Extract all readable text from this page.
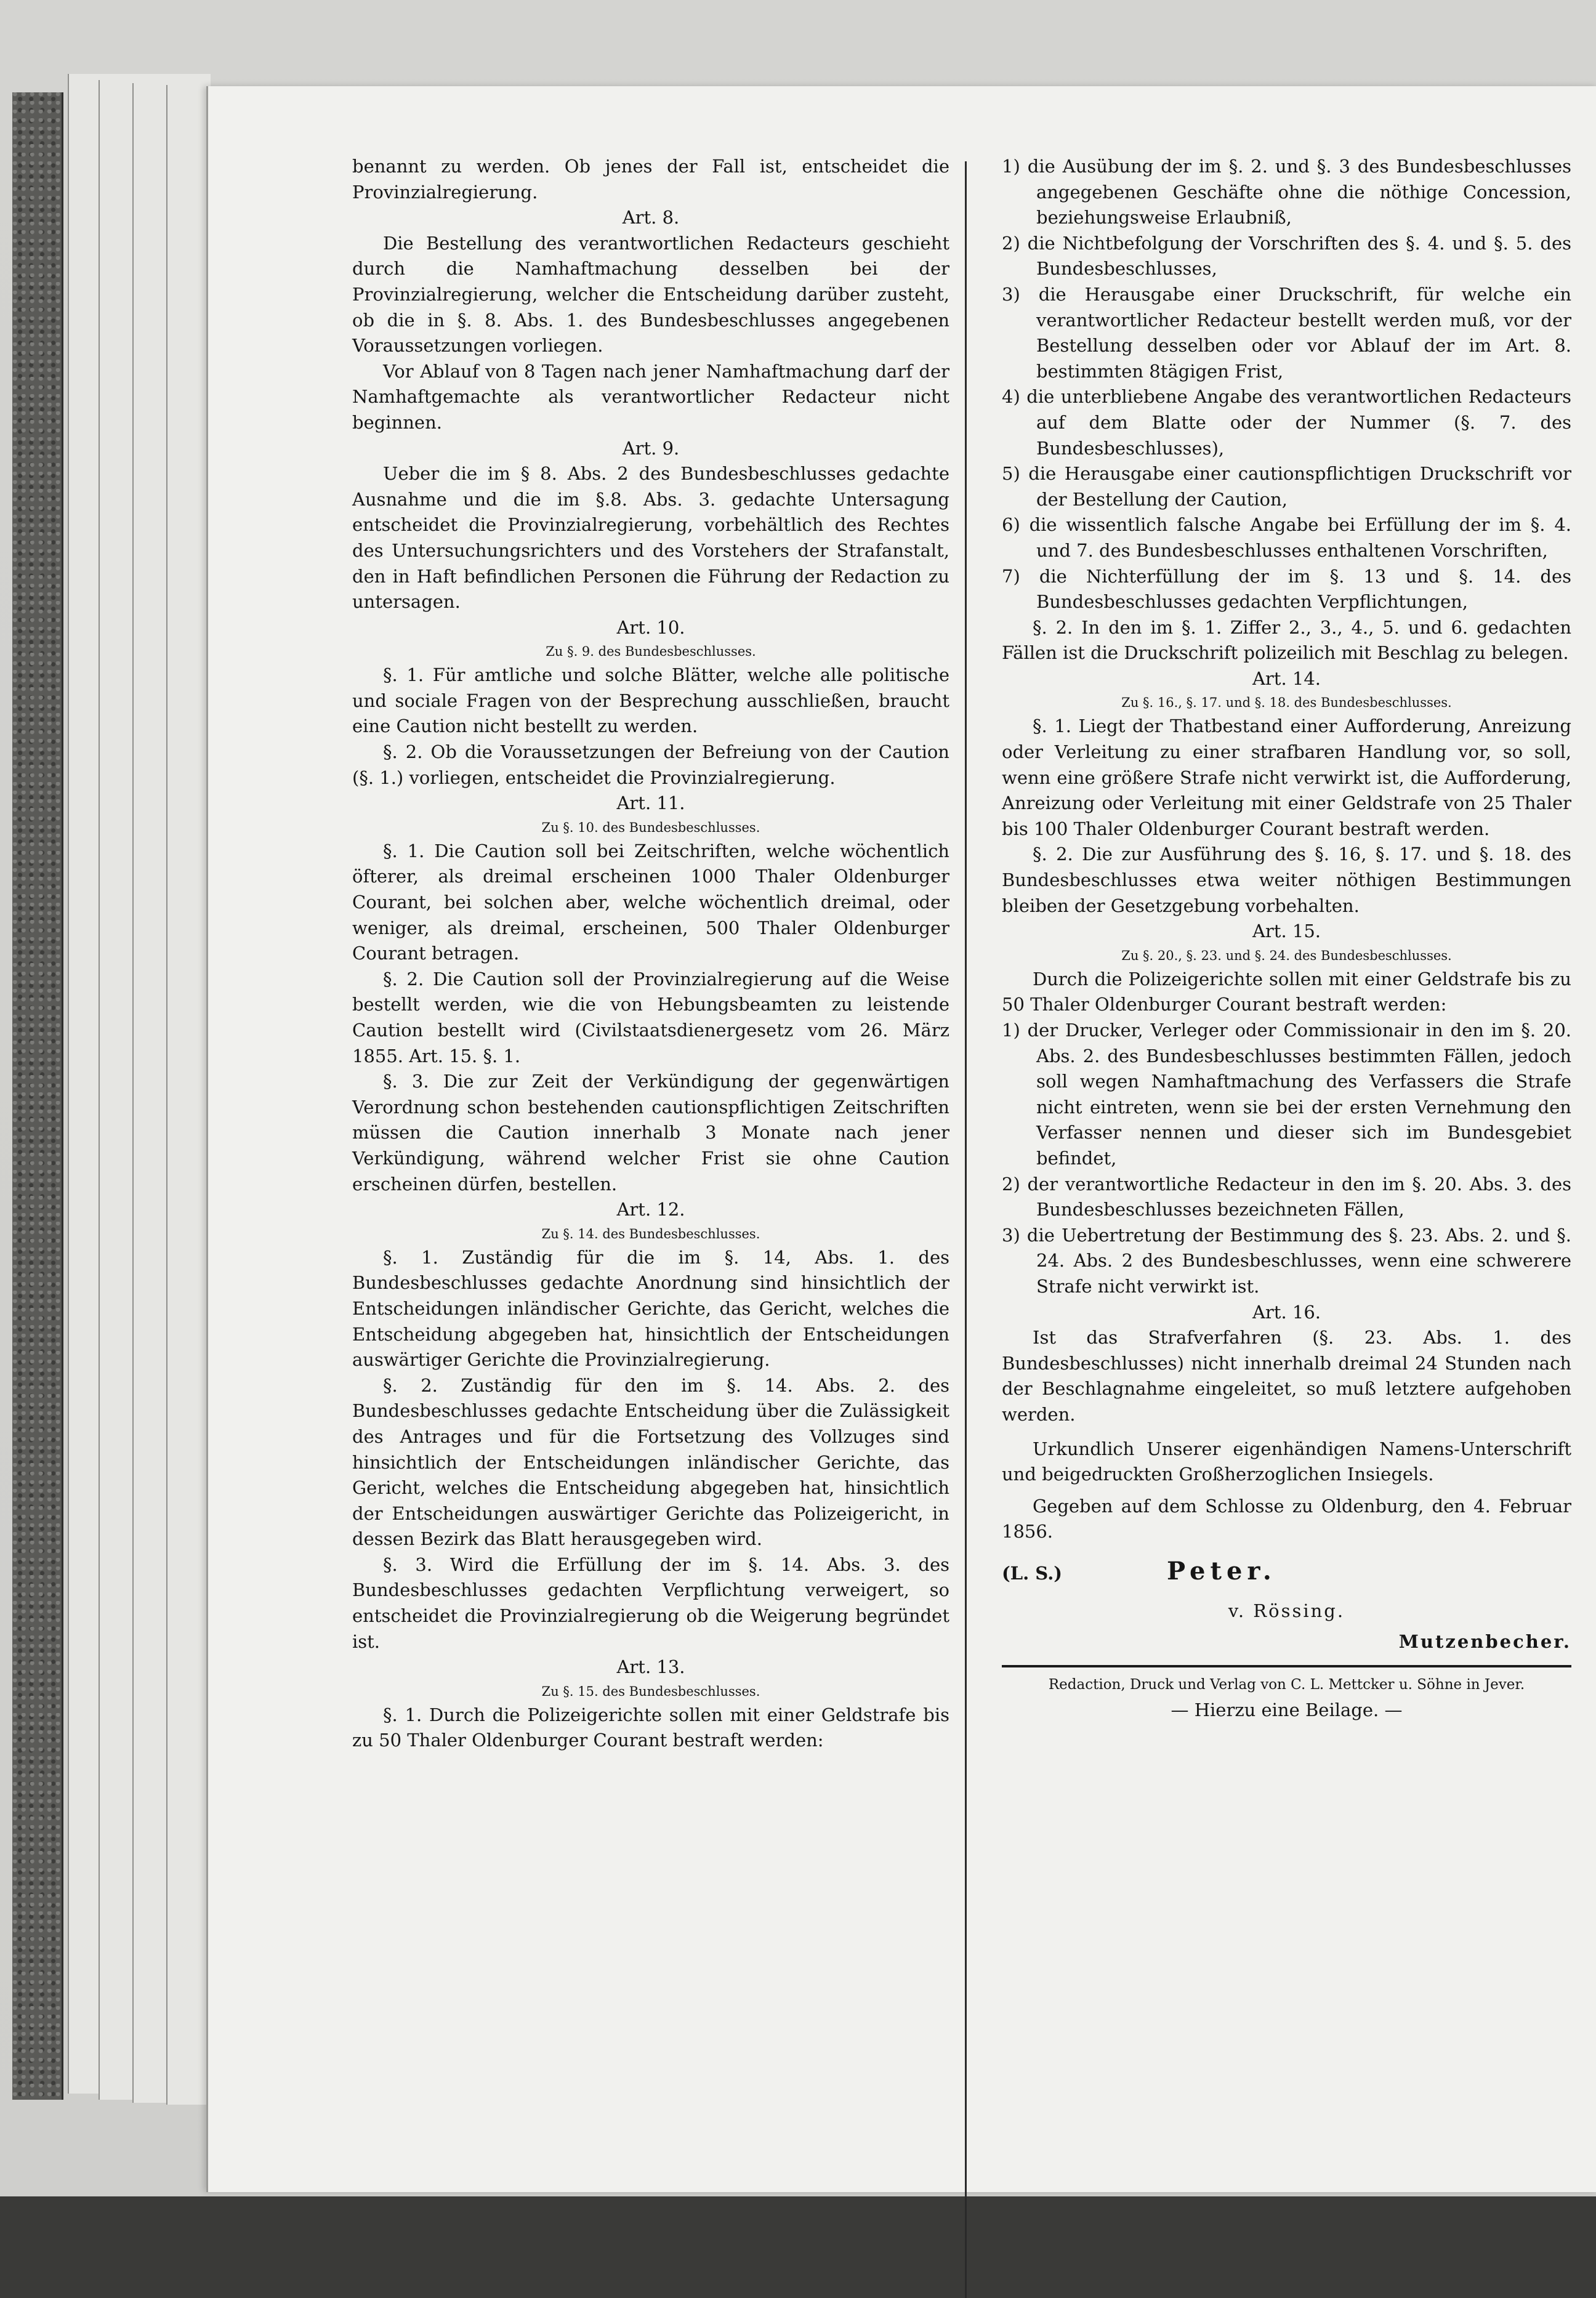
benannt zu werden. Ob jenes der Fall ist, entscheidet die Provinzialregierung.

Art. 8.

Die Bestellung des verantwortlichen Redacteurs geschieht durch die Namhaftmachung desselben bei der Provinzialregierung, welcher die Entscheidung darüber zusteht, ob die in §. 8. Abs. 1. des Bundesbeschlusses angegebenen Voraussetzungen vorliegen.

Vor Ablauf von 8 Tagen nach jener Namhaftmachung darf der Namhaftgemachte als verantwortlicher Redacteur nicht beginnen.

Art. 9.

Ueber die im § 8. Abs. 2 des Bundesbeschlusses gedachte Ausnahme und die im §.8. Abs. 3. gedachte Untersagung entscheidet die Provinzialregierung, vorbehältlich des Rechtes des Untersuchungsrichters und des Vorstehers der Strafanstalt, den in Haft befindlichen Personen die Führung der Redaction zu untersagen.

Art. 10.

Zu §. 9. des Bundesbeschlusses.

§. 1. Für amtliche und solche Blätter, welche alle politische und sociale Fragen von der Besprechung ausschließen, braucht eine Caution nicht bestellt zu werden.

§. 2. Ob die Voraussetzungen der Befreiung von der Caution (§. 1.) vorliegen, entscheidet die Provinzialregierung.

Art. 11.

Zu §. 10. des Bundesbeschlusses.

§. 1. Die Caution soll bei Zeitschriften, welche wöchentlich öfterer, als dreimal erscheinen 1000 Thaler Oldenburger Courant, bei solchen aber, welche wöchentlich dreimal, oder weniger, als dreimal, erscheinen, 500 Thaler Oldenburger Courant betragen.

§. 2. Die Caution soll der Provinzialregierung auf die Weise bestellt werden, wie die von Hebungsbeamten zu leistende Caution bestellt wird (Civilstaatsdienergesetz vom 26. März 1855. Art. 15. §. 1.

§. 3. Die zur Zeit der Verkündigung der gegenwärtigen Verordnung schon bestehenden cautionspflichtigen Zeitschriften müssen die Caution innerhalb 3 Monate nach jener Verkündigung, während welcher Frist sie ohne Caution erscheinen dürfen, bestellen.

Art. 12.

Zu §. 14. des Bundesbeschlusses.

§. 1. Zuständig für die im §. 14, Abs. 1. des Bundesbeschlusses gedachte Anordnung sind hinsichtlich der Entscheidungen inländischer Gerichte, das Gericht, welches die Entscheidung abgegeben hat, hinsichtlich der Entscheidungen auswärtiger Gerichte die Provinzialregierung.

§. 2. Zuständig für den im §. 14. Abs. 2. des Bundesbeschlusses gedachte Entscheidung über die Zulässigkeit des Antrages und für die Fortsetzung des Vollzuges sind hinsichtlich der Entscheidungen inländischer Gerichte, das Gericht, welches die Entscheidung abgegeben hat, hinsichtlich der Entscheidungen auswärtiger Gerichte das Polizeigericht, in dessen Bezirk das Blatt herausgegeben wird.

§. 3. Wird die Erfüllung der im §. 14. Abs. 3. des Bundesbeschlusses gedachten Verpflichtung verweigert, so entscheidet die Provinzialregierung ob die Weigerung begründet ist.

Art. 13.

Zu §. 15. des Bundesbeschlusses.

§. 1. Durch die Polizeigerichte sollen mit einer Geldstrafe bis zu 50 Thaler Oldenburger Courant bestraft werden:

1) die Ausübung der im §. 2. und §. 3 des Bundesbeschlusses angegebenen Geschäfte ohne die nöthige Concession, beziehungsweise Erlaubniß,

2) die Nichtbefolgung der Vorschriften des §. 4. und §. 5. des Bundesbeschlusses,

3) die Herausgabe einer Druckschrift, für welche ein verantwortlicher Redacteur bestellt werden muß, vor der Bestellung desselben oder vor Ablauf der im Art. 8. bestimmten 8tägigen Frist,

4) die unterbliebene Angabe des verantwortlichen Redacteurs auf dem Blatte oder der Nummer (§. 7. des Bundesbeschlusses),

5) die Herausgabe einer cautionspflichtigen Druckschrift vor der Bestellung der Caution,

6) die wissentlich falsche Angabe bei Erfüllung der im §. 4. und 7. des Bundesbeschlusses enthaltenen Vorschriften,

7) die Nichterfüllung der im §. 13 und §. 14. des Bundesbeschlusses gedachten Verpflichtungen,

§. 2. In den im §. 1. Ziffer 2., 3., 4., 5. und 6. gedachten Fällen ist die Druckschrift polizeilich mit Beschlag zu belegen.

Art. 14.

Zu §. 16., §. 17. und §. 18. des Bundesbeschlusses.

§. 1. Liegt der Thatbestand einer Aufforderung, Anreizung oder Verleitung zu einer strafbaren Handlung vor, so soll, wenn eine größere Strafe nicht verwirkt ist, die Aufforderung, Anreizung oder Verleitung mit einer Geldstrafe von 25 Thaler bis 100 Thaler Oldenburger Courant bestraft werden.

§. 2. Die zur Ausführung des §. 16, §. 17. und §. 18. des Bundesbeschlusses etwa weiter nöthigen Bestimmungen bleiben der Gesetzgebung vorbehalten.

Art. 15.

Zu §. 20., §. 23. und §. 24. des Bundesbeschlusses.

Durch die Polizeigerichte sollen mit einer Geldstrafe bis zu 50 Thaler Oldenburger Courant bestraft werden:

1) der Drucker, Verleger oder Commissionair in den im §. 20. Abs. 2. des Bundesbeschlusses bestimmten Fällen, jedoch soll wegen Namhaftmachung des Verfassers die Strafe nicht eintreten, wenn sie bei der ersten Vernehmung den Verfasser nennen und dieser sich im Bundesgebiet befindet,

2) der verantwortliche Redacteur in den im §. 20. Abs. 3. des Bundesbeschlusses bezeichneten Fällen,

3) die Uebertretung der Bestimmung des §. 23. Abs. 2. und §. 24. Abs. 2 des Bundesbeschlusses, wenn eine schwerere Strafe nicht verwirkt ist.

Art. 16.

Ist das Strafverfahren (§. 23. Abs. 1. des Bundesbeschlusses) nicht innerhalb dreimal 24 Stunden nach der Beschlagnahme eingeleitet, so muß letztere aufgehoben werden.

Urkundlich Unserer eigenhändigen Namens-Unterschrift und beigedruckten Großherzoglichen Insiegels.

Gegeben auf dem Schlosse zu Oldenburg, den 4. Februar 1856.

(L. S.)	Peter.

v. Rössing.

Mutzenbecher.

Redaction, Druck und Verlag von C. L. Mettcker u. Söhne in Jever.

— Hierzu eine Beilage. —
